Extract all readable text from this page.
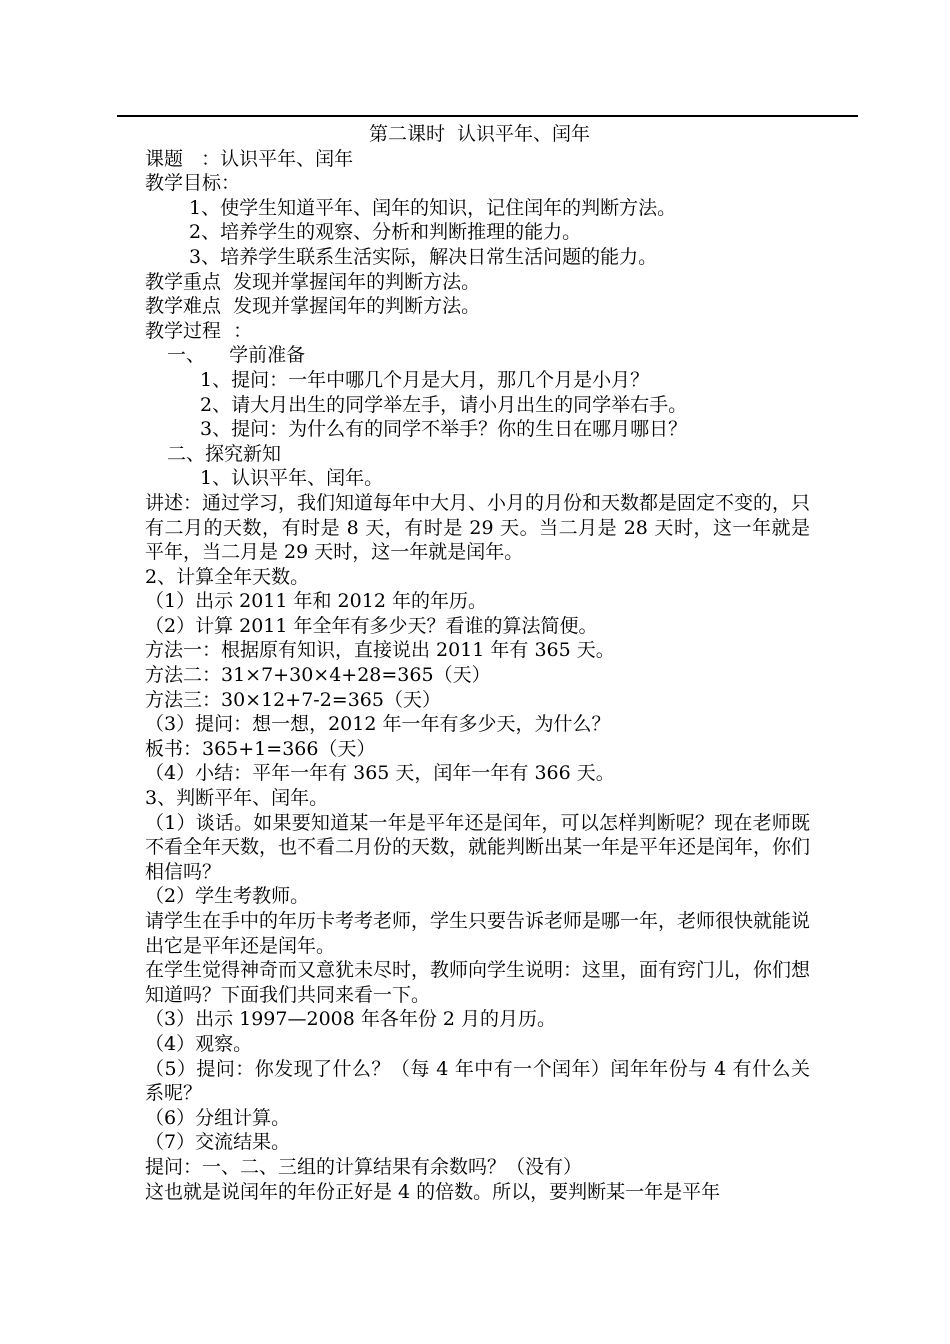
第二课时  认识平年、闰年

课题   ：认识平年、闰年

教学目标：

1、使学生知道平年、闰年的知识，记住闰年的判断方法。

2、培养学生的观察、分析和判断推理的能力。

3、培养学生联系生活实际，解决日常生活问题的能力。

教学重点  发现并掌握闰年的判断方法。

教学难点  发现并掌握闰年的判断方法。

教学过程  ：

一、    学前准备

1、提问：一年中哪几个月是大月，那几个月是小月？

2、请大月出生的同学举左手，请小月出生的同学举右手。

3、提问：为什么有的同学不举手？你的生日在哪月哪日？

二、探究新知

1、认识平年、闰年。

讲述：通过学习，我们知道每年中大月、小月的月份和天数都是固定不变的，只有二月的天数，有时是 8 天，有时是 29 天。当二月是 28 天时，这一年就是平年，当二月是 29 天时，这一年就是闰年。

2、计算全年天数。

（1）出示 2011 年和 2012 年的年历。

（2）计算 2011 年全年有多少天？看谁的算法简便。

方法一：根据原有知识，直接说出 2011 年有 365 天。

方法二：31×7+30×4+28=365（天）

方法三：30×12+7-2=365（天）

（3）提问：想一想，2012 年一年有多少天，为什么？

板书：365+1=366（天）

（4）小结：平年一年有 365 天，闰年一年有 366 天。

3、判断平年、闰年。

（1）谈话。如果要知道某一年是平年还是闰年，可以怎样判断呢？现在老师既不看全年天数，也不看二月份的天数，就能判断出某一年是平年还是闰年，你们相信吗？

（2）学生考教师。

请学生在手中的年历卡考考老师，学生只要告诉老师是哪一年，老师很快就能说出它是平年还是闰年。

在学生觉得神奇而又意犹未尽时，教师向学生说明：这里，面有窍门儿，你们想知道吗？下面我们共同来看一下。

（3）出示 1997—2008 年各年份 2 月的月历。

（4）观察。

（5）提问：你发现了什么？（每 4 年中有一个闰年）闰年年份与 4 有什么关系呢？

（6）分组计算。

（7）交流结果。

提问：一、二、三组的计算结果有余数吗？（没有）

这也就是说闰年的年份正好是 4 的倍数。所以，要判断某一年是平年
